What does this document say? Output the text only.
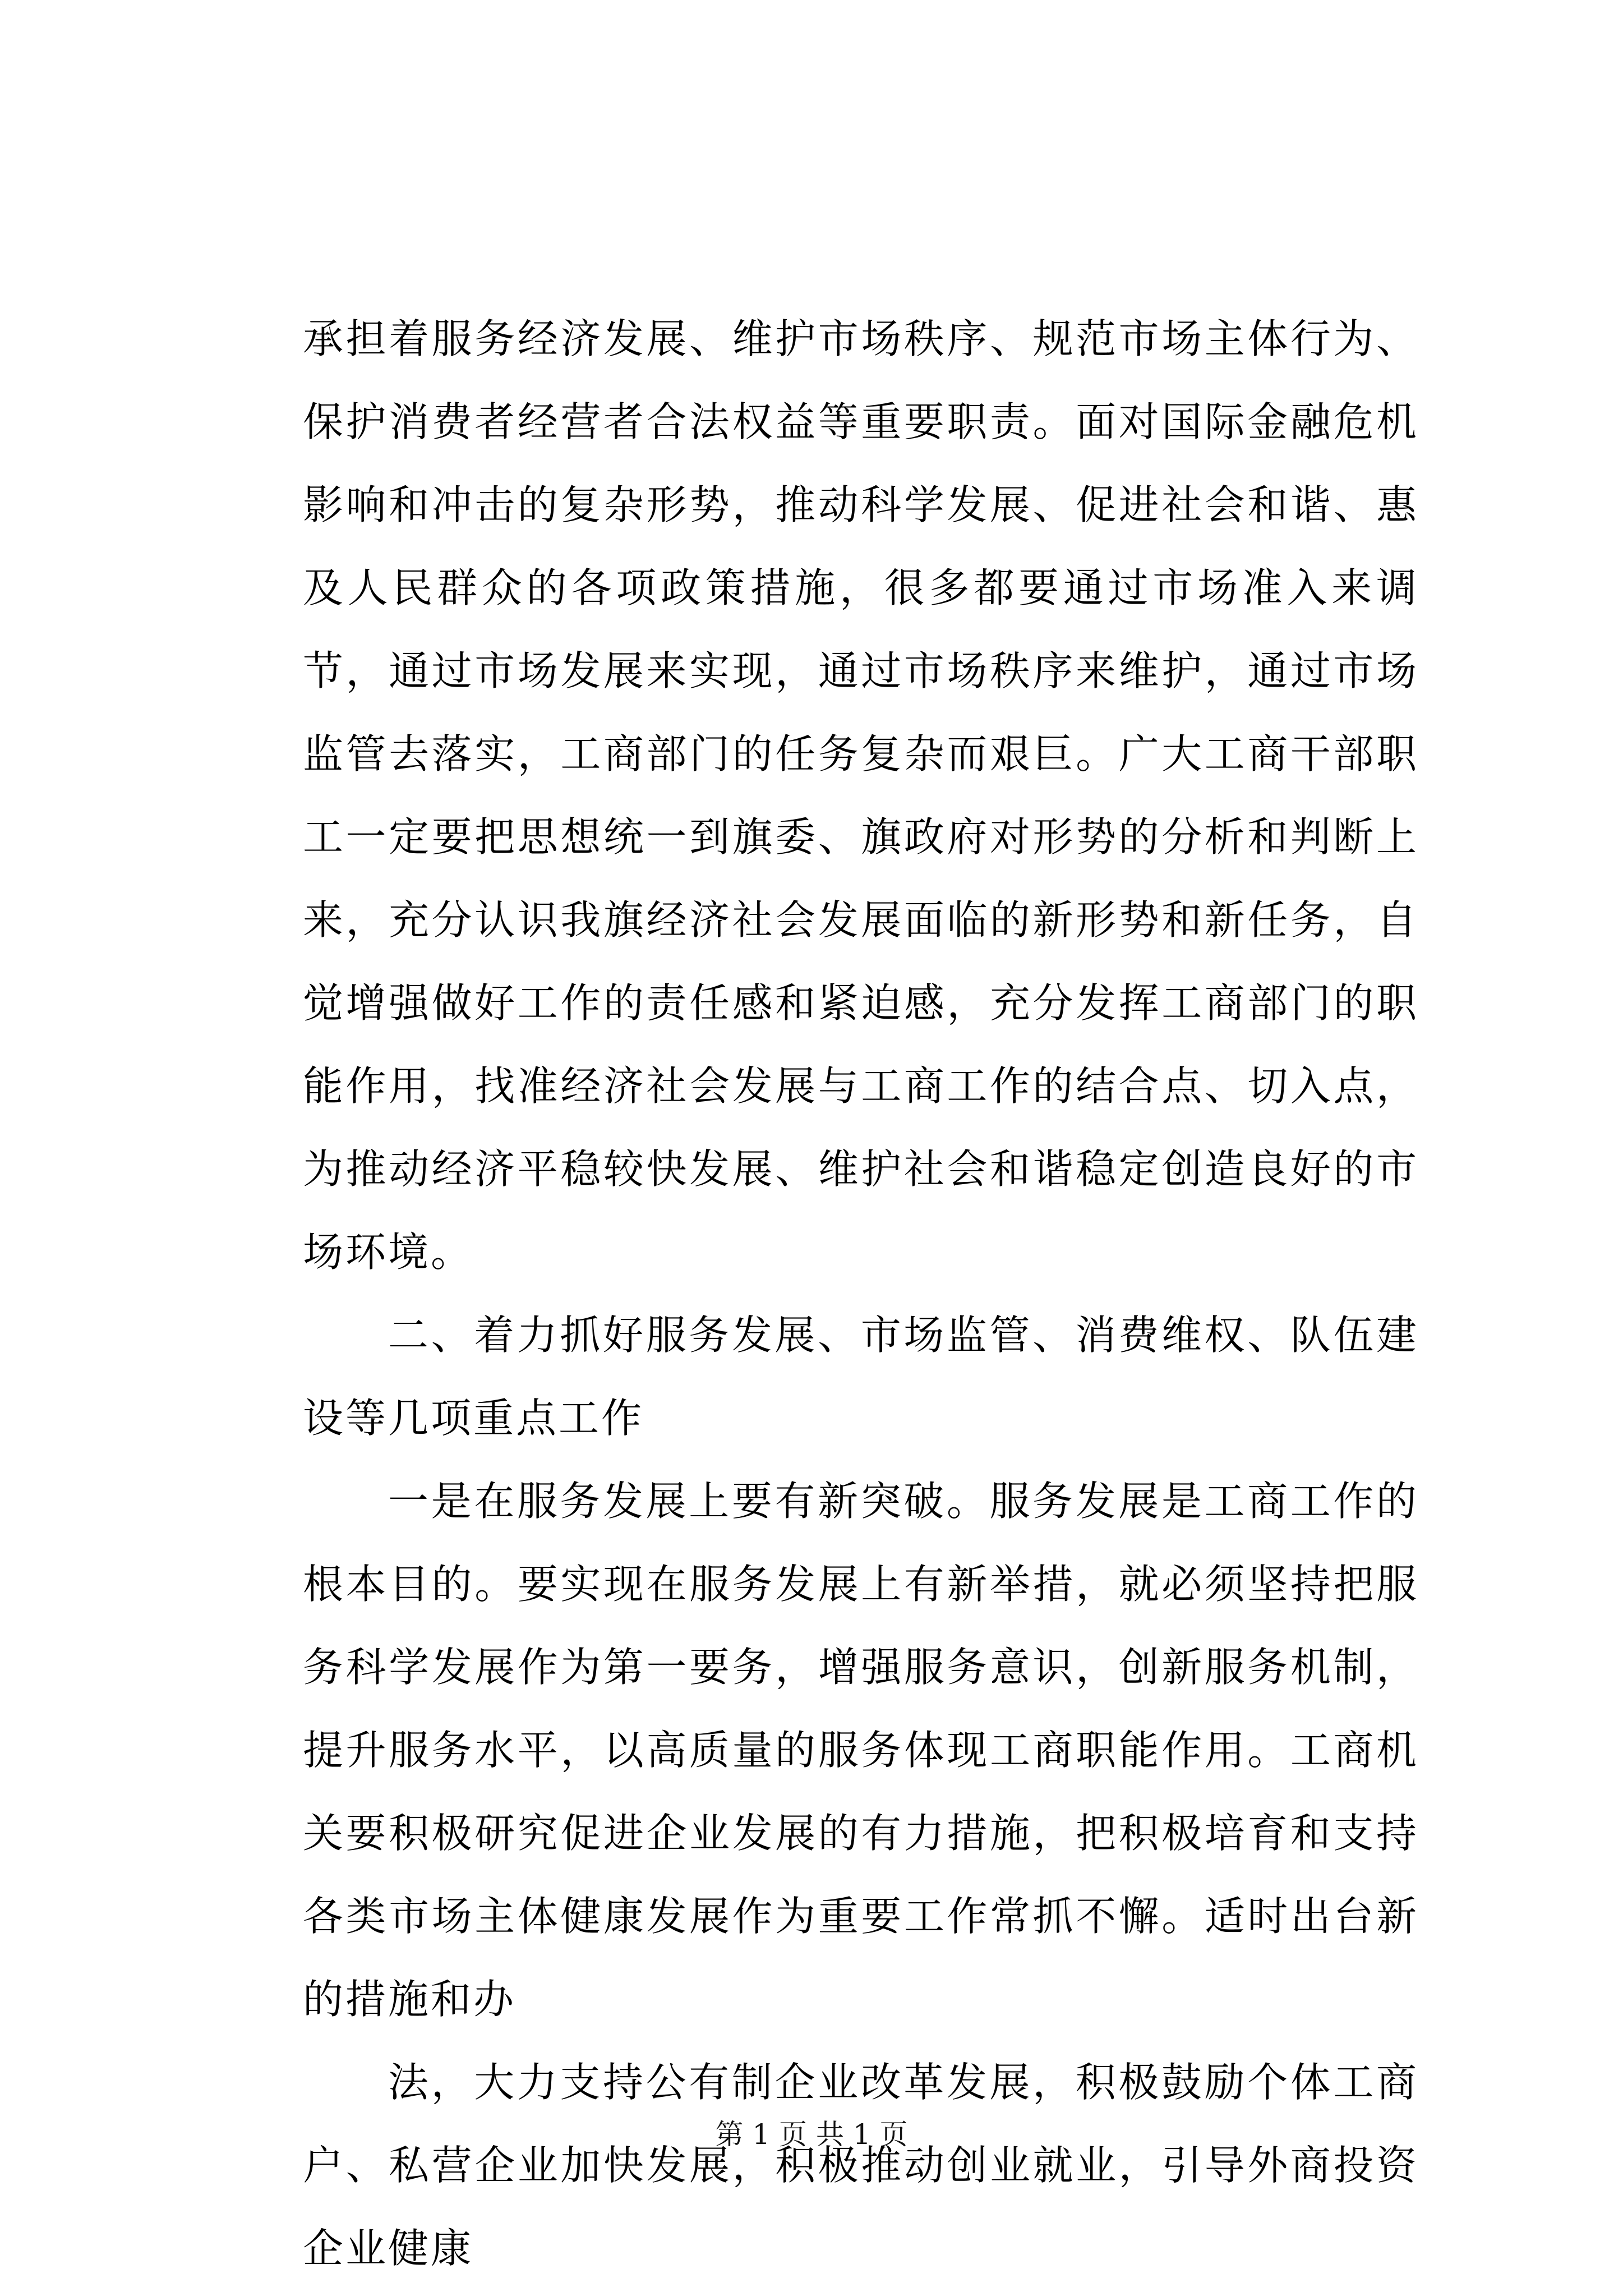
承担着服务经济发展、维护市场秩序、规范市场主体行为、保护消费者经营者合法权益等重要职责。面对国际金融危机影响和冲击的复杂形势，推动科学发展、促进社会和谐、惠及人民群众的各项政策措施，很多都要通过市场准入来调节，通过市场发展来实现，通过市场秩序来维护，通过市场监管去落实，工商部门的任务复杂而艰巨。广大工商干部职工一定要把思想统一到旗委、旗政府对形势的分析和判断上来，充分认识我旗经济社会发展面临的新形势和新任务，自觉增强做好工作的责任感和紧迫感，充分发挥工商部门的职能作用，找准经济社会发展与工商工作的结合点、切入点，为推动经济平稳较快发展、维护社会和谐稳定创造良好的市场环境。

二、着力抓好服务发展、市场监管、消费维权、队伍建设等几项重点工作

一是在服务发展上要有新突破。服务发展是工商工作的根本目的。要实现在服务发展上有新举措，就必须坚持把服务科学发展作为第一要务，增强服务意识，创新服务机制，提升服务水平，以高质量的服务体现工商职能作用。工商机关要积极研究促进企业发展的有力措施，把积极培育和支持各类市场主体健康发展作为重要工作常抓不懈。适时出台新的措施和办

法，大力支持公有制企业改革发展，积极鼓励个体工商户、私营企业加快发展，积极推动创业就业，引导外商投资企业健康

第 1 页 共 1 页
